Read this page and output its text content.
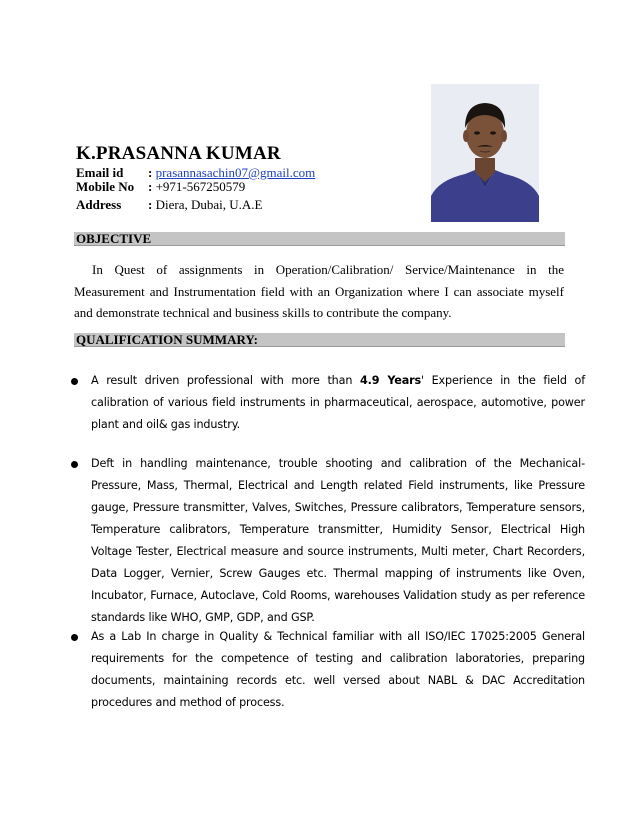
K.PRASANNA KUMAR
Email id : prasannasachin07@gmail.com
Mobile No : +971-567250579
Address : Diera, Dubai, U.A.E
OBJECTIVE

In Quest of assignments in Operation/Calibration/ Service/Maintenance in the Measurement and Instrumentation field with an Organization where I can associate myself and demonstrate technical and business skills to contribute the company.

QUALIFICATION SUMMARY:

A result driven professional with more than 4.9 Years' Experience in the field of calibration of various field instruments in pharmaceutical, aerospace, automotive, power plant and oil& gas industry.

Deft in handling maintenance, trouble shooting and calibration of the Mechanical-Pressure, Mass, Thermal, Electrical and Length related Field instruments, like Pressure gauge, Pressure transmitter, Valves, Switches, Pressure calibrators, Temperature sensors, Temperature calibrators, Temperature transmitter, Humidity Sensor, Electrical High Voltage Tester, Electrical measure and source instruments, Multi meter, Chart Recorders, Data Logger, Vernier, Screw Gauges etc. Thermal mapping of instruments like Oven, Incubator, Furnace, Autoclave, Cold Rooms, warehouses Validation study as per reference standards like WHO, GMP, GDP, and GSP.

As a Lab In charge in Quality & Technical familiar with all ISO/IEC 17025:2005 General requirements for the competence of testing and calibration laboratories, preparing documents, maintaining records etc. well versed about NABL & DAC Accreditation procedures and method of process.
